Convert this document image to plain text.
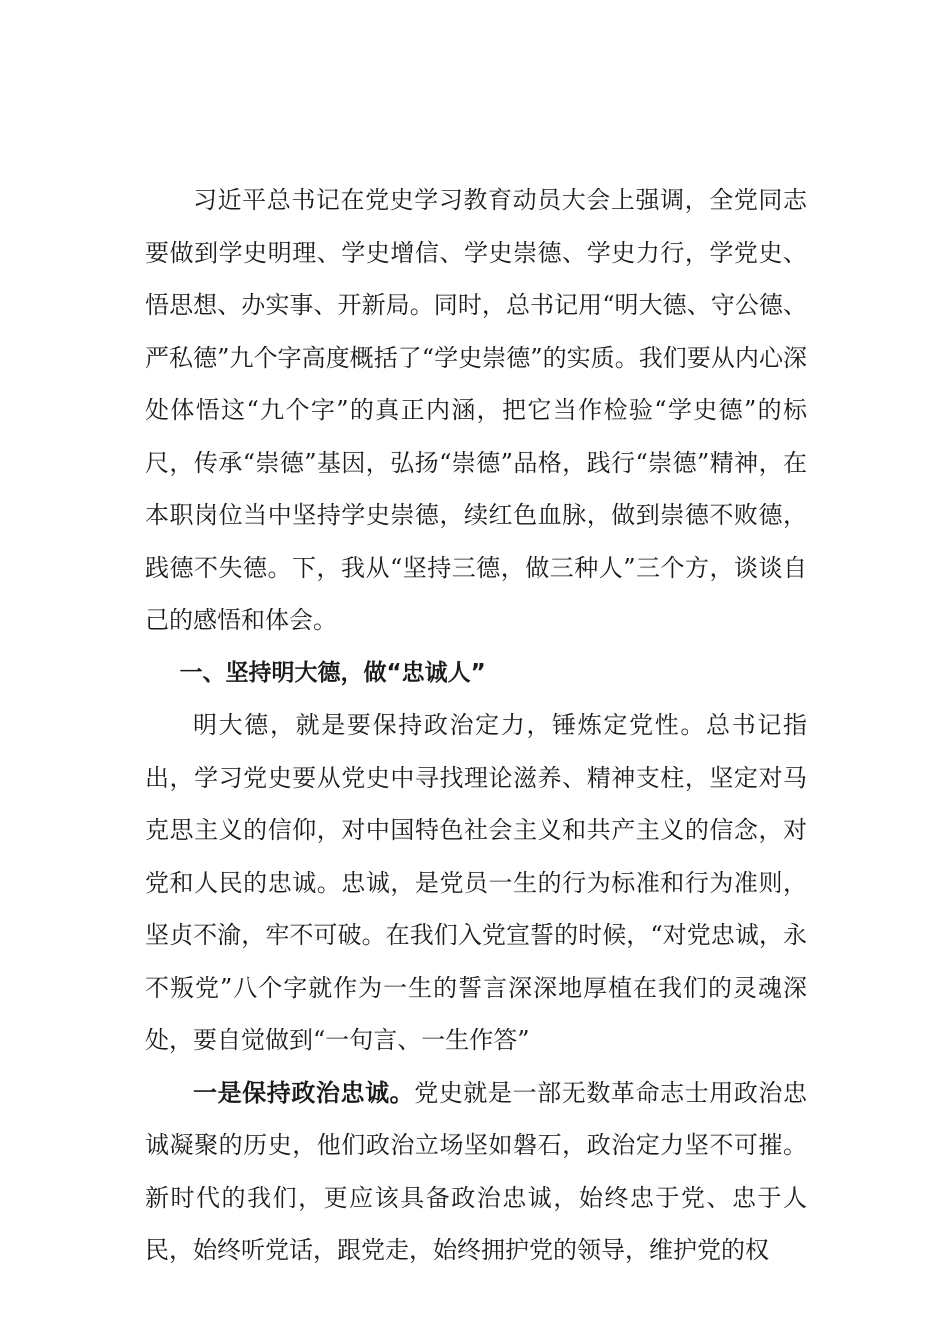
习近平总书记在党史学习教育动员大会上强调，全党同志要做到学史明理、学史增信、学史崇德、学史力行，学党史、悟思想、办实事、开新局。同时，总书记用“明大德、守公德、严私德”九个字高度概括了“学史崇德”的实质。我们要从内心深处体悟这“九个字”的真正内涵，把它当作检验“学史德”的标尺，传承“崇德”基因，弘扬“崇德”品格，践行“崇德”精神，在本职岗位当中坚持学史崇德，续红色血脉，做到崇德不败德，践德不失德。下，我从“坚持三德，做三种人”三个方，谈谈自己的感悟和体会。

一、坚持明大德，做“忠诚人”

明大德，就是要保持政治定力，锤炼定党性。总书记指出，学习党史要从党史中寻找理论滋养、精神支柱，坚定对马克思主义的信仰，对中国特色社会主义和共产主义的信念，对党和人民的忠诚。忠诚，是党员一生的行为标准和行为准则，坚贞不渝，牢不可破。在我们入党宣誓的时候，“对党忠诚，永不叛党”八个字就作为一生的誓言深深地厚植在我们的灵魂深处，要自觉做到“一句言、一生作答”

一是保持政治忠诚。党史就是一部无数革命志士用政治忠诚凝聚的历史，他们政治立场坚如磐石，政治定力坚不可摧。新时代的我们，更应该具备政治忠诚，始终忠于党、忠于人民，始终听党话，跟党走，始终拥护党的领导，维护党的权
